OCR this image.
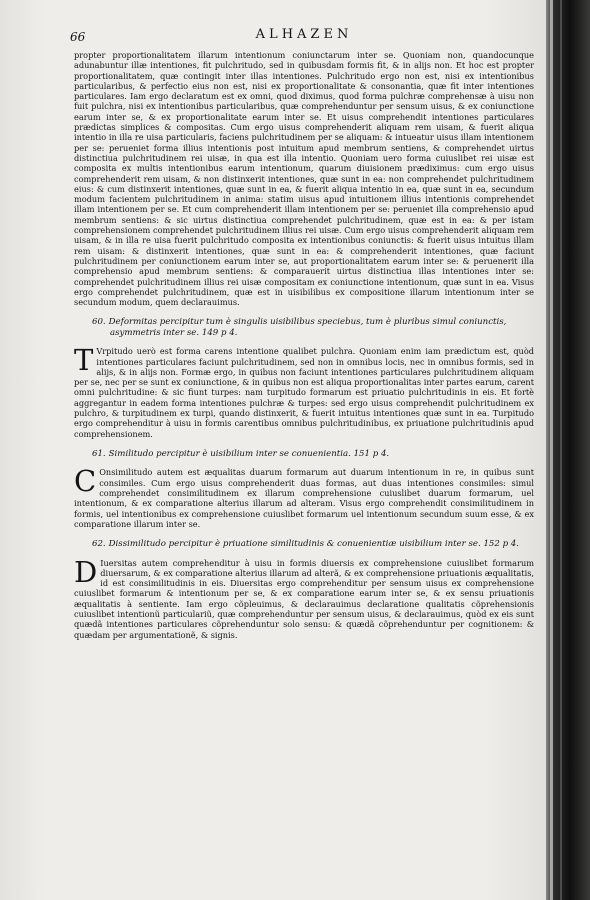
66	ALHAZEN
propter proportionalitatem illarum intentionum coniunctarum inter se. Quoniam non, quandocunque adunabuntur illæ intentiones, fit pulchritudo, sed in quibusdam formis fit, & in alijs non. Et hoc est propter proportionalitatem, quæ contingit inter illas intentiones. Pulchritudo ergo non est, nisi ex intentionibus particularibus, & perfectio eius non est, nisi ex proportionalitate & consonantia, quæ fit inter intentiones particulares. Iam ergo declaratum est ex omni, quod diximus, quod forma pulchræ comprehensæ à uisu non fuit pulchra, nisi ex intentionibus particularibus, quæ comprehenduntur per sensum uisus, & ex coniunctione earum inter se, & ex proportionalitate earum inter se. Et uisus comprehendit intentiones particulares prædictas simplices & compositas. Cum ergo uisus comprehenderit aliquam rem uisam, & fuerit aliqua intentio in illa re uisa particularis, faciens pulchritudinem per se aliquam: & intueatur uisus illam intentionem per se: perueniet forma illius intentionis post intuitum apud membrum sentiens, & comprehendet uirtus distinctiua pulchritudinem rei uisæ, in qua est illa intentio. Quoniam uero forma cuiuslibet rei uisæ est composita ex multis intentionibus earum intentionum, quarum diuisionem prædiximus: cum ergo uisus comprehenderit rem uisam, & non distinxerit intentiones, quæ sunt in ea: non comprehendet pulchritudinem eius: & cum distinxerit intentiones, quæ sunt in ea, & fuerit aliqua intentio in ea, quæ sunt in ea, secundum modum facientem pulchritudinem in anima: statim uisus apud intuitionem illius intentionis comprehendet illam intentionem per se. Et cum comprehenderit illam intentionem per se: perueniet illa comprehensio apud membrum sentiens: & sic uirtus distinctiua comprehendet pulchritudinem, quæ est in ea: & per istam comprehensionem comprehendet pulchritudinem illius rei uisæ. Cum ergo uisus comprehenderit aliquam rem uisam, & in illa re uisa fuerit pulchritudo composita ex intentionibus coniunctis: & fuerit uisus intuitus illam rem uisam: & distinxerit intentiones, quæ sunt in ea: & comprehenderit intentiones, quæ faciunt pulchritudinem per coniunctionem earum inter se, aut proportionalitatem earum inter se: & peruenerit illa comprehensio apud membrum sentiens: & comparauerit uirtus distinctiua illas intentiones inter se: comprehendet pulchritudinem illius rei uisæ compositam ex coniunctione intentionum, quæ sunt in ea. Visus ergo comprehendet pulchritudinem, quæ est in uisibilibus ex compositione illarum intentionum inter se secundum modum, quem declarauimus.
60. Deformitas percipitur tum è singulis uisibilibus speciebus, tum è pluribus simul coniunctis, asymmetris inter se. 149 p 4.
T Vrpitudo uerò est forma carens intentione qualibet pulchra. Quoniam enim iam prædictum est, quòd intentiones particulares faciunt pulchritudinem, sed non in omnibus locis, nec in omnibus formis, sed in alijs, & in alijs non. Formæ ergo, in quibus non faciunt intentiones particulares pulchritudinem aliquam per se, nec per se sunt ex coniunctione, & in quibus non est aliqua proportionalitas inter partes earum, carent omni pulchritudine: & sic fiunt turpes: nam turpitudo formarum est priuatio pulchritudinis in eis. Et fortè aggregantur in eadem forma intentiones pulchræ & turpes: sed ergo uisus comprehendit pulchritudinem ex pulchro, & turpitudinem ex turpi, quando distinxerit, & fuerit intuitus intentiones quæ sunt in ea. Turpitudo ergo comprehenditur à uisu in formis carentibus omnibus pulchritudinibus, ex priuatione pulchritudinis apud comprehensionem.
61. Similitudo percipitur è uisibilium inter se conuenientia. 151 p 4.
C Onsimilitudo autem est æqualitas duarum formarum aut duarum intentionum in re, in quibus sunt consimiles. Cum ergo uisus comprehenderit duas formas, aut duas intentiones consimiles: simul comprehendet consimilitudinem ex illarum comprehensione cuiuslibet duarum formarum, uel intentionum, & ex comparatione alterius illarum ad alteram. Visus ergo comprehendit consimilitudinem in formis, uel intentionibus ex comprehensione cuiuslibet formarum uel intentionum secundum suum esse, & ex comparatione illarum inter se.
62. Dissimilitudo percipitur è priuatione similitudinis & conuenientiæ uisibilium inter se. 152 p 4.
D Iuersitas autem comprehenditur à uisu in formis diuersis ex comprehensione cuiuslibet formarum diuersarum, & ex comparatione alterius illarum ad alterã, & ex comprehensione priuationis æqualitatis, id est consimilitudinis in eis. Diuersitas ergo comprehenditur per sensum uisus ex comprehensione cuiuslibet formarum & intentionum per se, & ex comparatione earum inter se, & ex sensu priuationis æqualitatis à sentiente. Iam ergo cõpleuimus, & declarauimus declaratione qualitatis cõprehensionis cuiuslibet intentionũ particulariũ, quæ comprehenduntur per sensum uisus, & declarauimus, quòd ex eis sunt quædã intentiones particulares cõprehenduntur solo sensu: & quædã cõprehenduntur per cognitionem: & quædam per argumentationẽ, & signis.
